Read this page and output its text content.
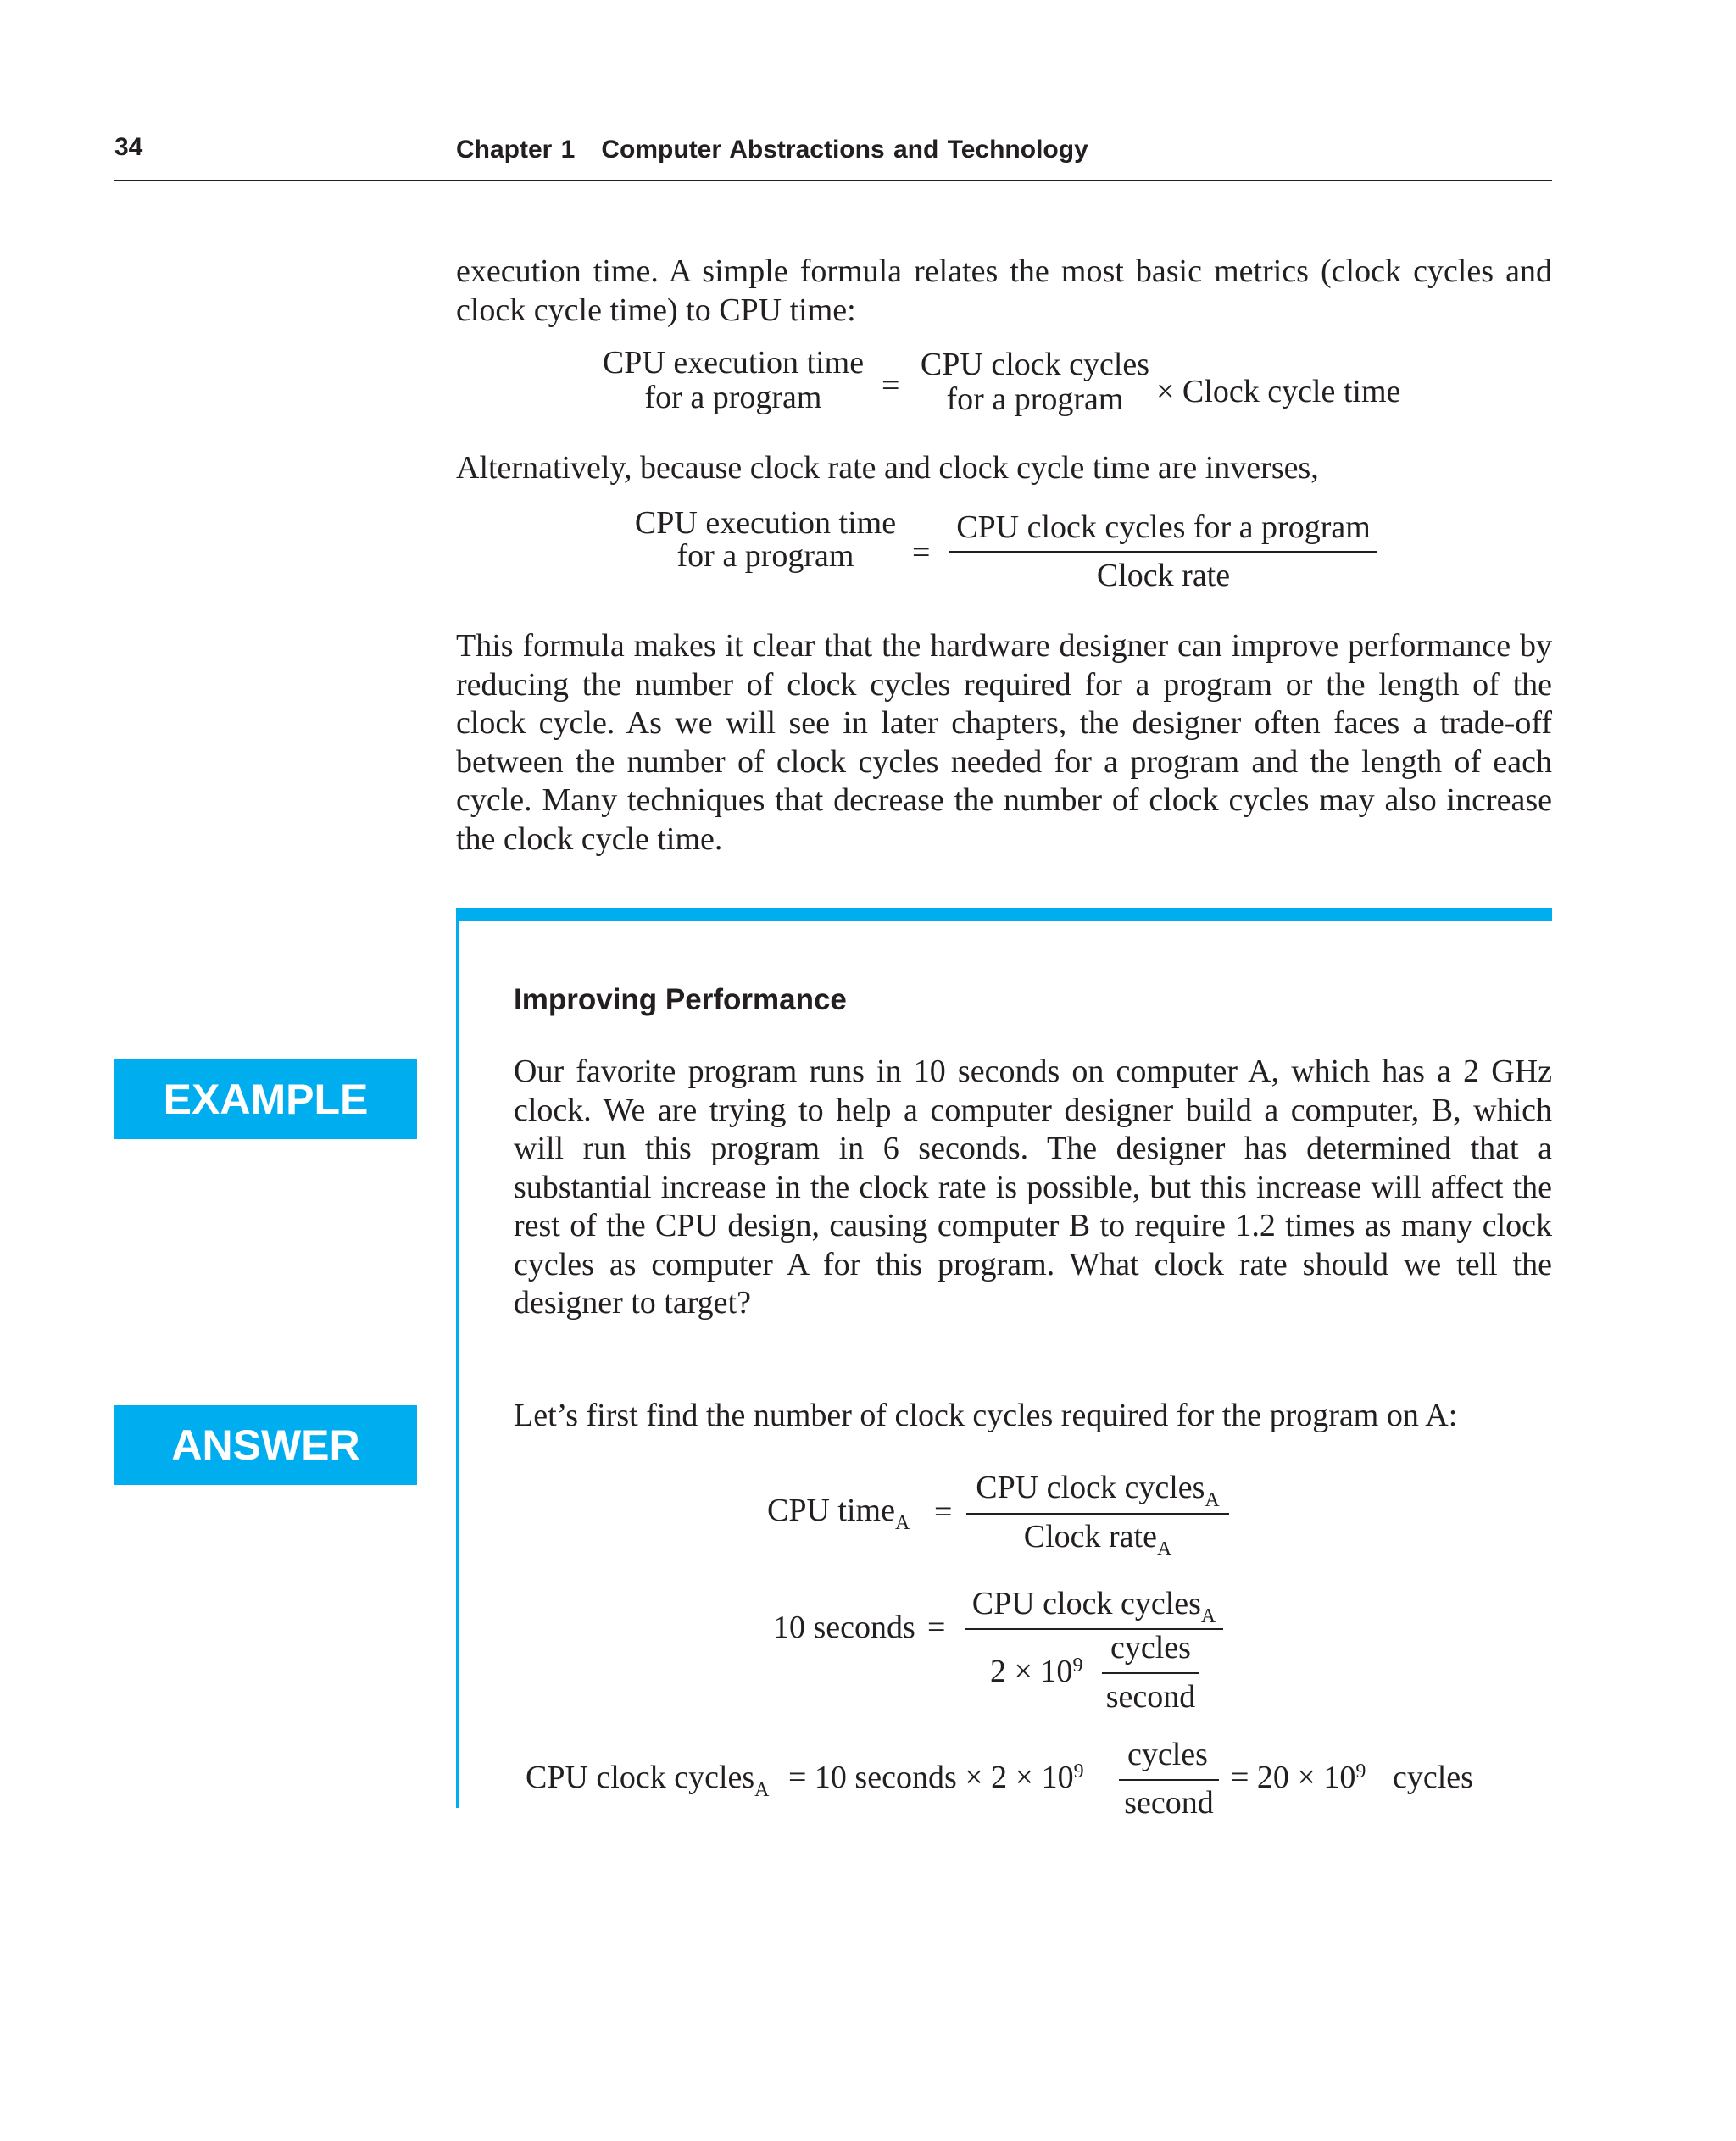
34	Chapter 1   Computer Abstractions and Technology
execution time. A simple formula relates the most basic metrics (clock cycles and clock cycle time) to CPU time:
CPU execution time
for a program	=
CPU clock cycles
for a program	× Clock cycle time
Alternatively, because clock rate and clock cycle time are inverses,
CPU execution time
for a program	=
CPU clock cycles for a program
Clock rate
This formula makes it clear that the hardware designer can improve performance by reducing the number of clock cycles required for a program or the length of the clock cycle. As we will see in later chapters, the designer often faces a trade-off between the number of clock cycles needed for a program and the length of each cycle. Many techniques that decrease the number of clock cycles may also increase the clock cycle time.
EXAMPLE
Improving Performance
Our favorite program runs in 10 seconds on computer A, which has a 2 GHz clock. We are trying to help a computer designer build a computer, B, which will run this program in 6 seconds. The designer has determined that a substantial increase in the clock rate is possible, but this increase will affect the rest of the CPU design, causing computer B to require 1.2 times as many clock cycles as computer A for this program. What clock rate should we tell the designer to target?
ANSWER
Let’s first find the number of clock cycles required for the program on A:
CPU time$_A$ =
CPU clock cycles$_A$
Clock rate$_A$
10 seconds =
CPU clock cycles$_A$
$2 \times 10^9$ cycles
second
CPU clock cycles$_A$ = 10 seconds × $2 \times 10^9$ cycles
second
= $20 \times 10^9$ cycles
